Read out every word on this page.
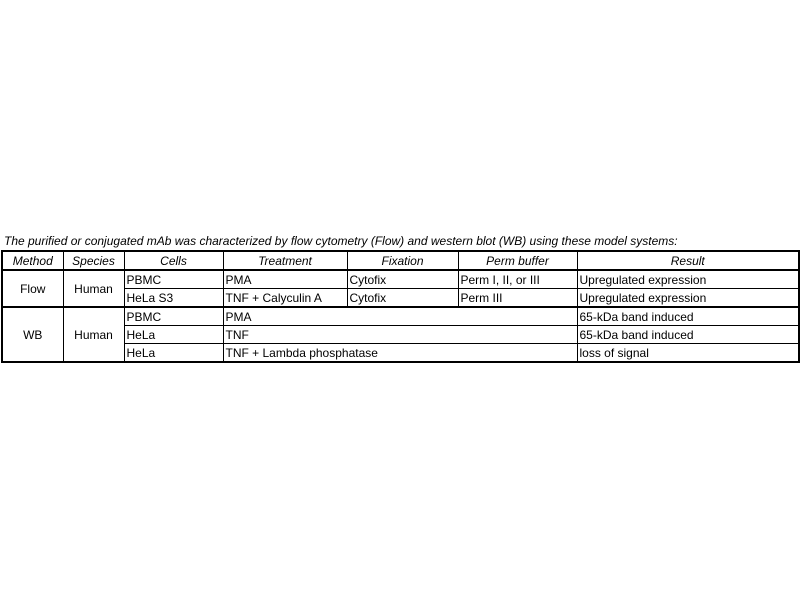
The purified or conjugated mAb was characterized by flow cytometry (Flow) and western blot (WB) using these model systems:
Method	Species	Cells	Treatment	Fixation	Perm buffer	Result
Flow	Human	PBMC	PMA	Cytofix	Perm I, II, or III	Upregulated expression
		HeLa S3	TNF + Calyculin A	Cytofix	Perm III	Upregulated expression
WB	Human	PBMC	PMA			65-kDa band induced
		HeLa	TNF			65-kDa band induced
		HeLa	TNF + Lambda phosphatase			loss of signal
